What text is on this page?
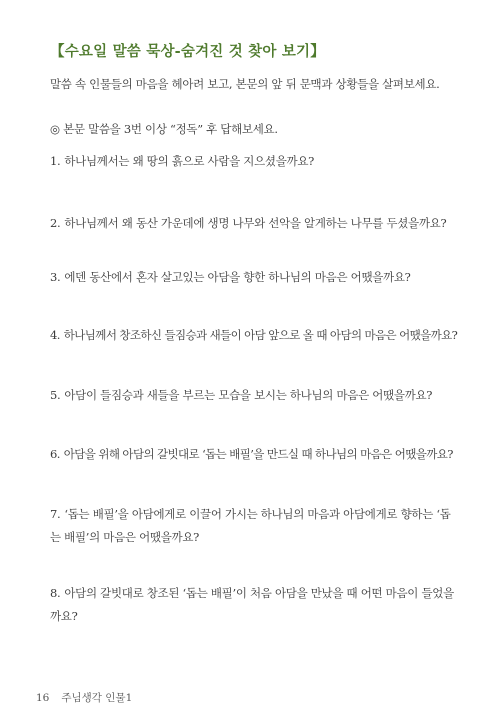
【수요일 말씀 묵상-숨겨진 것 찾아 보기】
말씀 속 인물들의 마음을 헤아려 보고, 본문의 앞 뒤 문맥과 상황들을 살펴보세요.
◎ 본문 말씀을 3번 이상 “정독” 후 답해보세요.
1. 하나님께서는 왜 땅의 흙으로 사람을 지으셨을까요?
2. 하나님께서 왜 동산 가운데에 생명 나무와 선악을 알게하는 나무를 두셨을까요?
3. 에덴 동산에서 혼자 살고있는 아담을 향한 하나님의 마음은 어땠을까요?
4. 하나님께서 창조하신 들짐승과 새들이 아담 앞으로 올 때 아담의 마음은 어땠을까요?
5. 아담이 들짐승과 새들을 부르는 모습을 보시는 하나님의 마음은 어땠을까요?
6. 아담을 위해 아담의 갈빗대로 ‘돕는 배필’을 만드실 때 하나님의 마음은 어땠을까요?
7. ‘돕는 배필’을 아담에게로 이끌어 가시는 하나님의 마음과 아담에게로 향하는 ‘돕는 배필’의 마음은 어땠을까요?
8. 아담의 갈빗대로 창조된 ‘돕는 배필’이 처음 아담을 만났을 때 어떤 마음이 들었을까요?
16 주님생각 인물1
